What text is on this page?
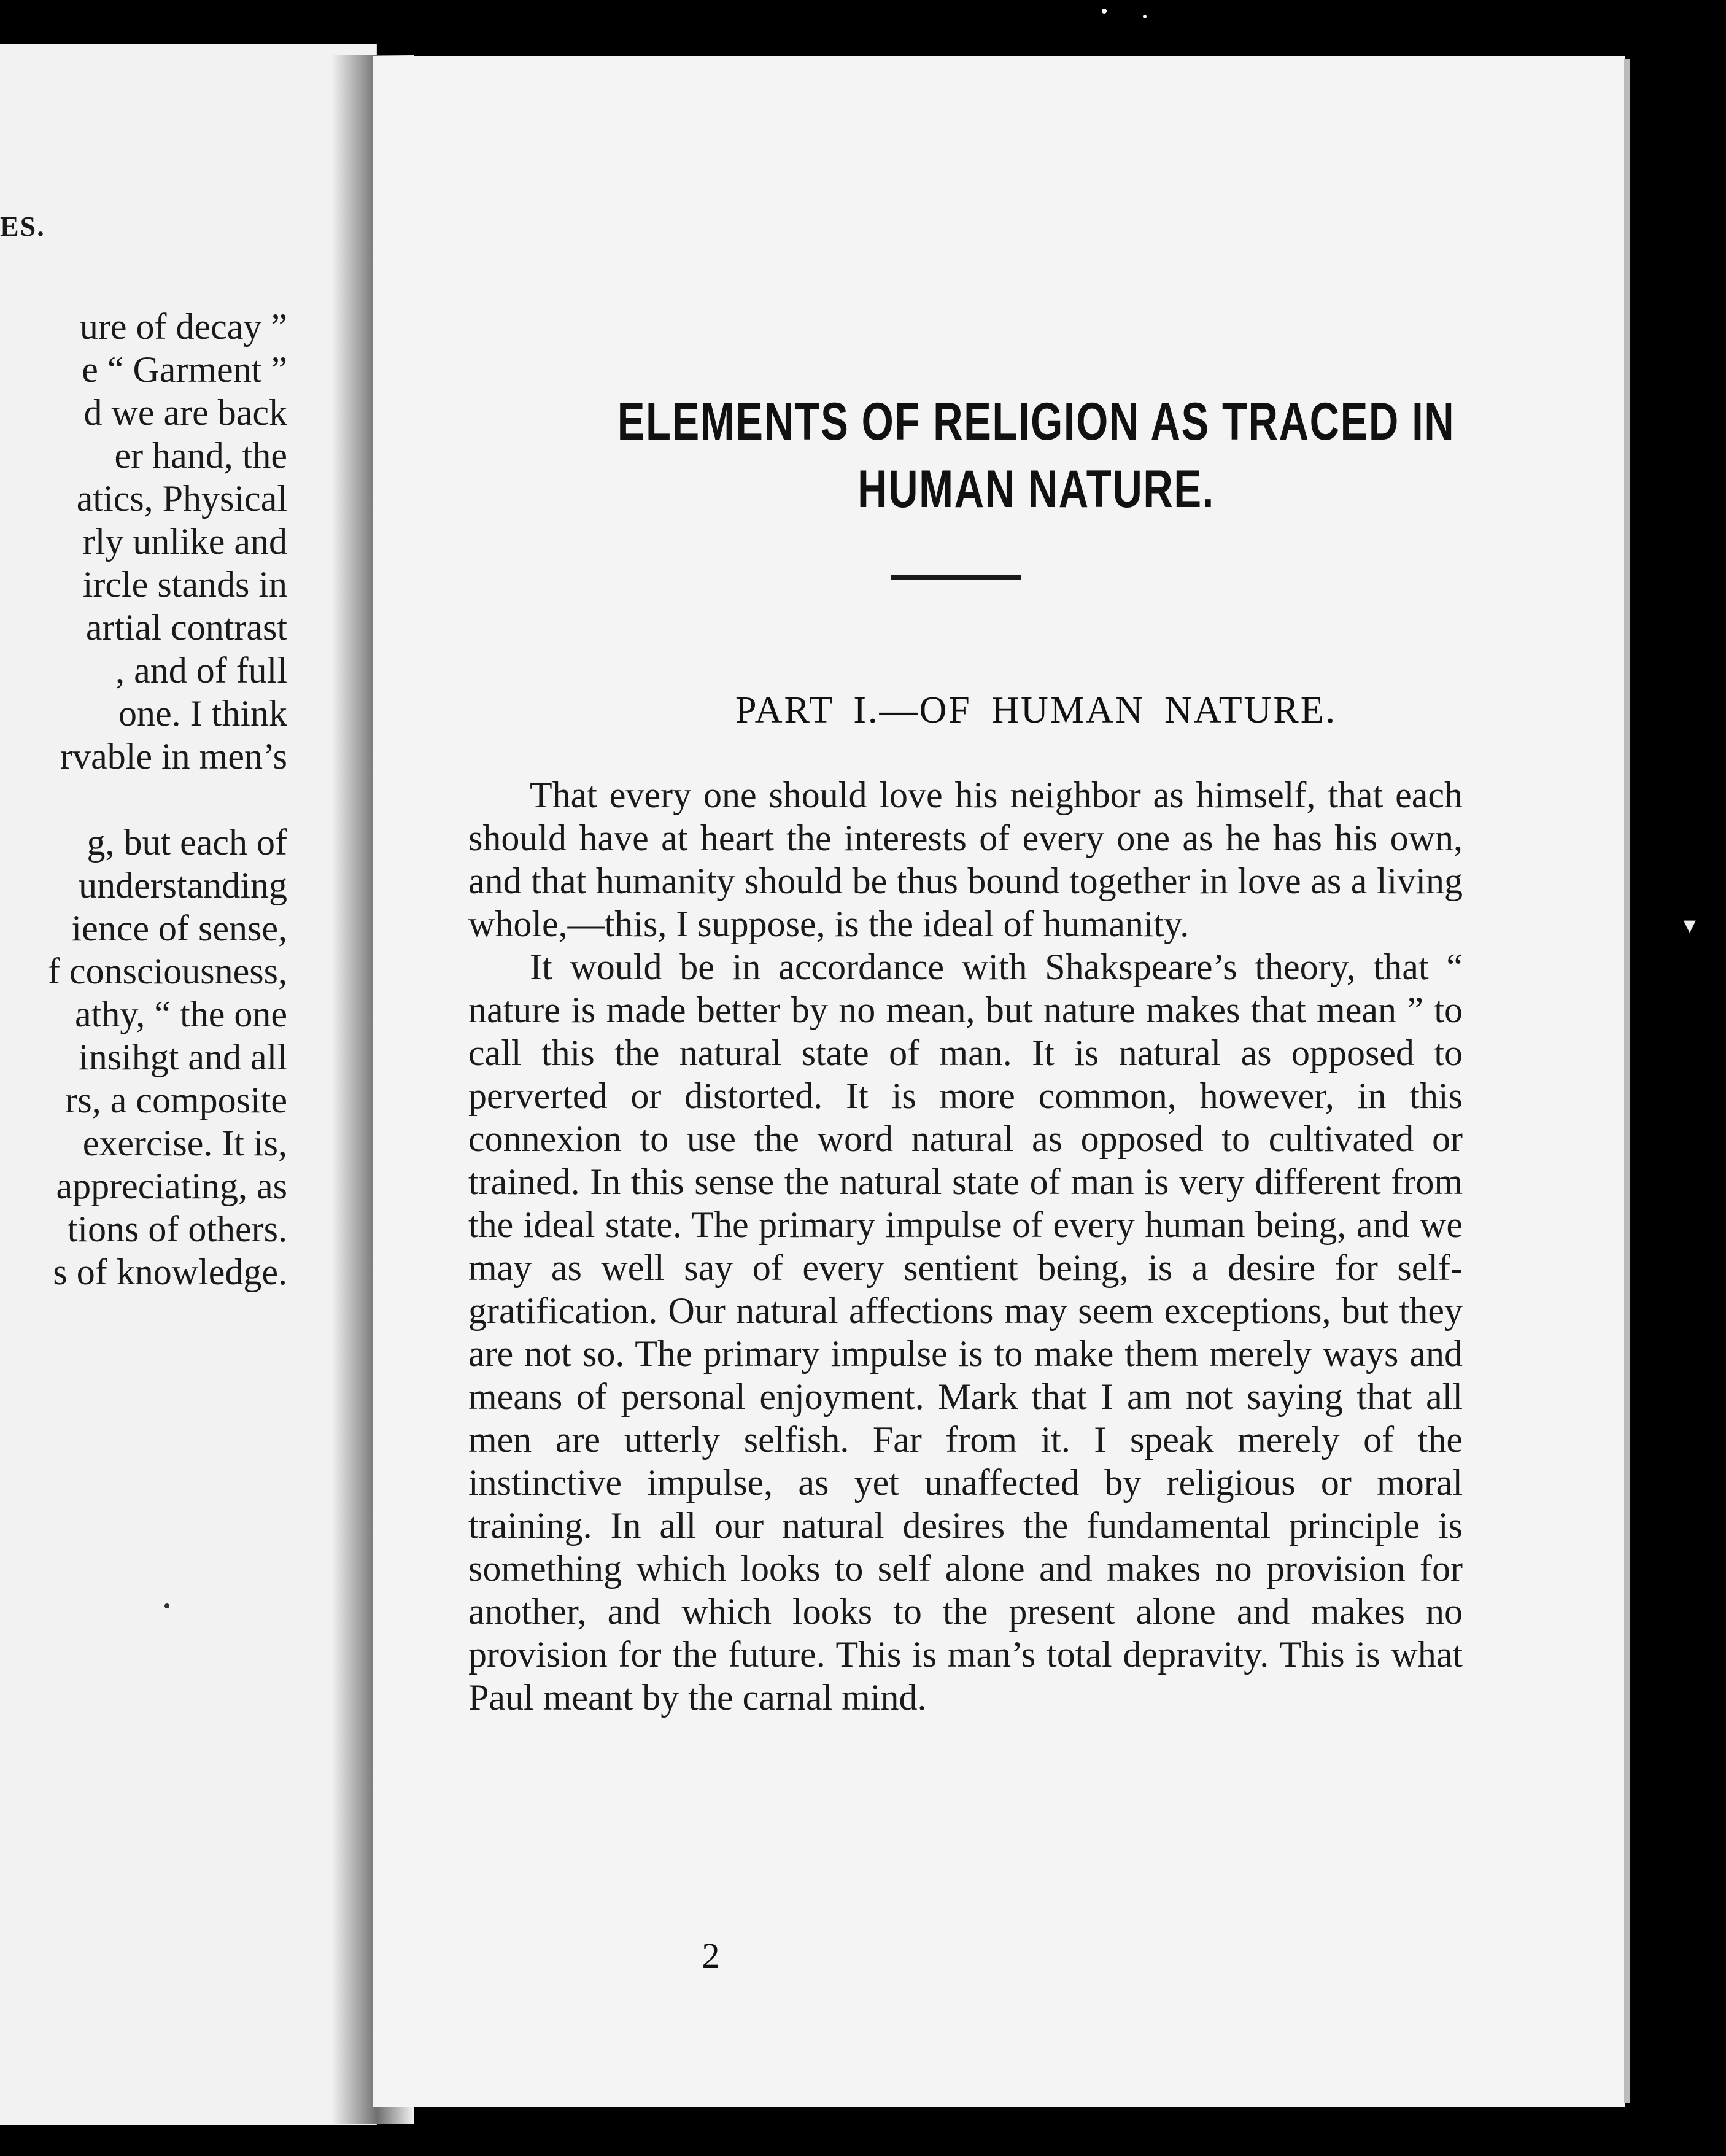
ES.
ure of decay ”
e “ Garment ”
d we are back
er hand, the
atics, Physical
rly unlike and
ircle stands in
artial contrast
, and of full
one. I think
rvable in men’s
g, but each of
understanding
ience of sense,
f consciousness,
athy, “ the one
insihgt and all
rs, a composite
exercise. It is,
appreciating, as
tions of others.
s of knowledge.
ELEMENTS OF RELIGION AS TRACED IN
HUMAN NATURE.
PART I.—OF HUMAN NATURE.

That every one should love his neighbor as himself, that each should have at heart the interests of every one as he has his own, and that humanity should be thus bound together in love as a living whole,—this, I suppose, is the ideal of humanity.

It would be in accordance with Shakspeare’s theory, that “ nature is made better by no mean, but nature makes that mean ” to call this the natural state of man. It is natural as opposed to perverted or distorted. It is more common, however, in this connexion to use the word natural as opposed to cultivated or trained. In this sense the natural state of man is very different from the ideal state. The primary impulse of every human being, and we may as well say of every sentient being, is a desire for self-gratification. Our natural affections may seem exceptions, but they are not so. The primary impulse is to make them merely ways and means of personal enjoyment. Mark that I am not saying that all men are utterly selfish. Far from it. I speak merely of the instinctive impulse, as yet unaffected by religious or moral training. In all our natural desires the fundamental principle is something which looks to self alone and makes no provision for another, and which looks to the present alone and makes no provision for the future. This is man’s total depravity. This is what Paul meant by the carnal mind.

2
▼
